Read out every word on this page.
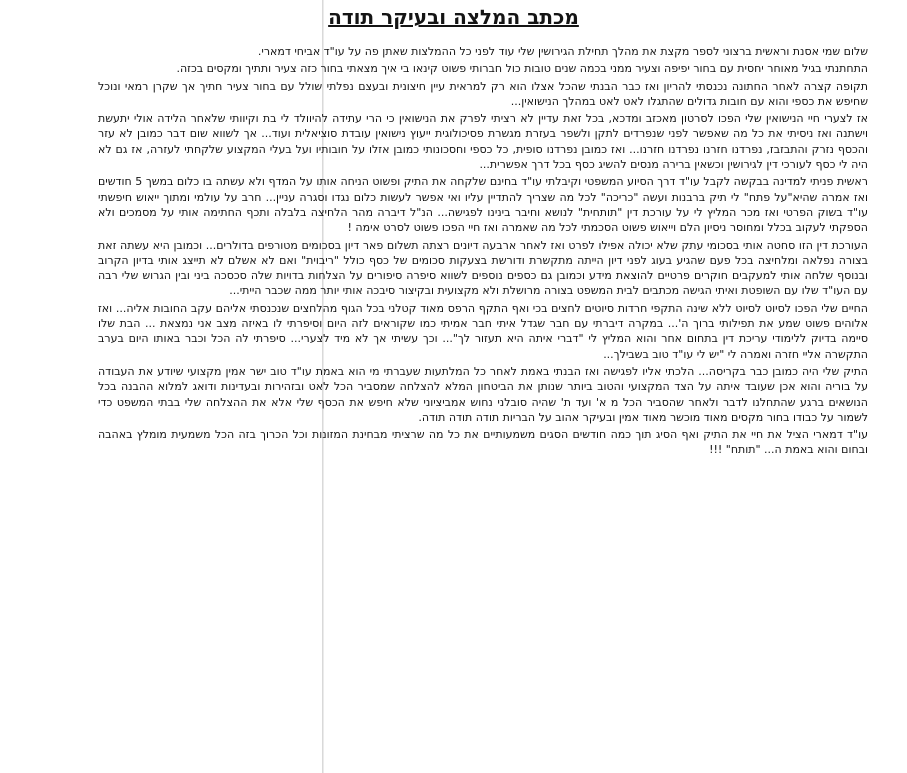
מכתב המלצה ובעיקר תודה

שלום שמי אסנת וראשית ברצוני לספר מקצת את מהלך תחילת הגירושין שלי עוד לפני כל ההמלצות שאתן פה על עו"ד אביחי דמארי.

התחתנתי בגיל מאוחר יחסית עם בחור יפיפה וצעיר ממני בכמה שנים טובות כול חברותי פשוט קינאו בי איך מצאתי בחור כזה צעיר ותתיך ומקסים בכזה.

תקופה קצרה לאחר החתונה נכנסתי להריון ואז כבר הבנתי שהכל אצלו הוא רק למראית עיין חיצונית ובעצם נפלתי שולל עם בחור צעיר חתיך אך שקרן רמאי ונוכל שחיפש את כספי והוא עם חובות גדולים שהתגלו לאט לאט במהלך הנישואין...

אז לצערי חיי הנישואין שלי הפכו לסרטון מאכזב ומדכא, בכל זאת עדיין לא רציתי לפרק את הנישואין כי הרי עתידה להיוולד לי בת וקיוותי שלאחר הלידה אולי יתעשת וישתנה ואז ניסיתי את כל מה שאפשר לפני שנפרדים לתקן ולשפר בעזרת מגשרת פסיכולוגית ייעוץ נישואין עובדת סוציאלית ועוד... אך לשווא שום דבר כמובן לא עזר והכסף נזרק והתבזבז, נפרדנו חזרנו נפרדנו חזרנו... ואז כמובן נפרדנו סופית, כל כספי וחסכונותי כמובן אזלו על חובותיו ועל בעלי המקצוע שלקחתי לעזרה, אז גם לא היה לי כסף לעורכי דין לגירושין וכשאין ברירה מנסים להשיג כסף בכל דרך אפשרית...

ראשית פניתי למדינה בבקשה לקבל עו"ד דרך הסיוע המשפטי וקיבלתי עו"ד בחינם שלקחה את התיק ופשוט הניחה אותו על המדף ולא עשתה בו כלום במשך 5 חודשים ואז אמרה שהיא"על פתח" לי תיק ברבנות ועשה "כריכה" לכל מה שצריך להתדיין עליו ואי אפשר לעשות כלום נגדו וסגרה עניין... חרב על עולמי ומתוך ייאוש חיפשתי עו"ד בשוק הפרטי ואז מכר המליץ לי על עורכת דין "תותחית" לנושא וחיבר בינינו לפגישה... הנ"ל דיברה מהר הלחיצה בלבלה ותכף החתימה אותי על מסמכים ולא הספקתי לעקוב בכלל ומחוסר ניסיון הלם וייאוש פשוט הסכמתי לכל מה שאמרה ואז חיי הפכו פשוט לסרט אימה !

העורכת דין הזו סחטה אותי בסכומי עתק שלא יכולה אפילו לפרט ואז לאחר ארבעה דיונים רצתה תשלום פאר דיון בסכומים מטורפים בדולרים... וכמובן היא עשתה זאת בצורה נפלאה ומלחיצה בכל פעם שהגיע בעוג לפני דיון הייתה מתקשרת ודורשת בצעקות סכומים של כסף כולל "ריבוית" ואם לא אשלם לא תייצג אותי בדיון הקרוב ובנוסף שלחה אותי למעקבים חוקרים פרטיים להוצאת מידע וכמובן גם כספים נוספים לשווא סיפרה סיפורים על הצלחות בדויות שלה סכסכה ביני ובין הגרוש שלי רבה עם העו"ד שלו עם השופטת ואיתי הגישה מכתבים לבית המשפט בצורה מרושלת ולא מקצועית ובקיצור סיבכה אותי יותר ממה שכבר הייתי...

החיים שלי הפכו לסיוט לסיוט ללא שינה התקפי חרדות סיוטים לחצים בכי ואף התקף הרפס מאוד קטלני בכל הגוף מהלחצים שנכנסתי אליהם עקב החובות אליה... ואז אלוהים פשוט שמע את תפילותי ברוך ה'... במקרה דיברתי עם חבר שגדל איתי חבר אמיתי כמו שקוראים לזה היום וסיפרתי לו באיזה מצב אני נמצאת ... הבת שלו סיימה בדיוק ללימודי עריכת דין בתחום אחר והוא המליץ לי "דברי איתה היא תעזור לך"... וכך עשיתי אך לא מיד לצערי... סיפרתי לה הכל וכבר באותו היום בערב התקשרה אליי חזרה ואמרה לי "יש לי עו"ד טוב בשבילך...

התיק שלי היה כמובן כבר בקריסה... הלכתי אליו לפגישה ואז הבנתי באמת לאחר כל המלתעות שעברתי מי הוא באמת עו"ד טוב ישר אמין מקצועי שיודע את העבודה על בוריה והוא אכן שעובד איתה על הצד המקצועי והטוב ביותר שנותן את הביטחון המלא להצלחה שמסביר הכל לאט ובזהירות ובעדינות ודואג למלוא ההבנה בכל הנושאים ברגע שהתחלנו לדבר ולאחר שהסביר הכל מ א' ועד ת' שהיה סובלני נחוש אמביציוני שלא חיפש את הכסף שלי אלא את ההצלחה שלי בבתי המשפט כדי לשמור על כבודו בחור מקסים מאוד מוכשר מאוד אמין ובעיקר אהוב על הבריות תודה תודה תודה.

עו"ד דמארי הציל את חיי את התיק ואף הסיג תוך כמה חודשים הסגים משמעותיים את כל מה שרציתי מבחינת המזונות וכל הכרוך בזה הכל משמעית מומלץ באהבה ובחום והוא באמת ה... "תותח" !!!
